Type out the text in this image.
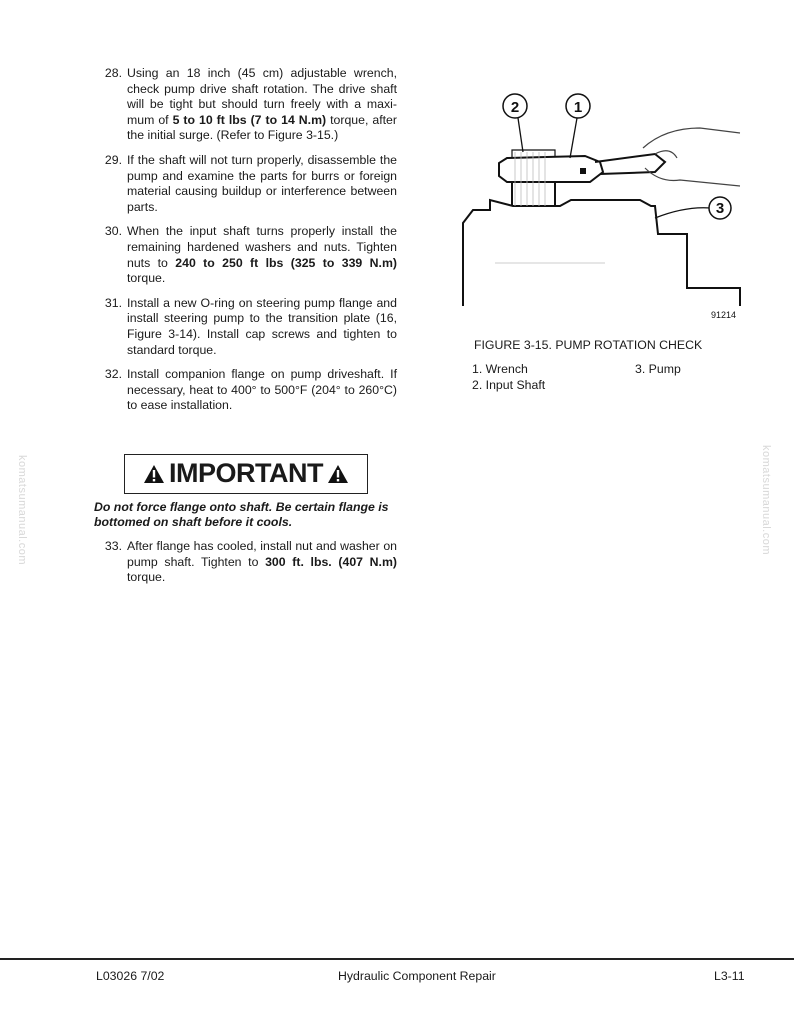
28. Using an 18 inch (45 cm) adjustable wrench, check pump drive shaft rotation. The drive shaft will be tight but should turn freely with a maxi-mum of 5 to 10 ft lbs (7 to 14 N.m) torque, after the initial surge. (Refer to Figure 3-15.)
29. If the shaft will not turn properly, disassemble the pump and examine the parts for burrs or foreign material causing buildup or interference between parts.
30. When the input shaft turns properly install the remaining hardened washers and nuts. Tighten nuts to 240 to 250 ft lbs (325 to 339 N.m) torque.
31. Install a new O-ring on steering pump flange and install steering pump to the transition plate (16, Figure 3-14). Install cap screws and tighten to standard torque.
32. Install companion flange on pump driveshaft. If necessary, heat to 400° to 500°F (204° to 260°C) to ease installation.
IMPORTANT
Do not force flange onto shaft. Be certain flange is bottomed on shaft before it cools.
33. After flange has cooled, install nut and washer on pump shaft. Tighten to 300 ft. lbs. (407 N.m) torque.
2	1
3
91214
FIGURE 3-15. PUMP ROTATION CHECK
1. Wrench	3. Pump
2. Input Shaft
komatsumanual.com	komatsumanual.com
L03026 7/02	Hydraulic Component Repair	L3-11
